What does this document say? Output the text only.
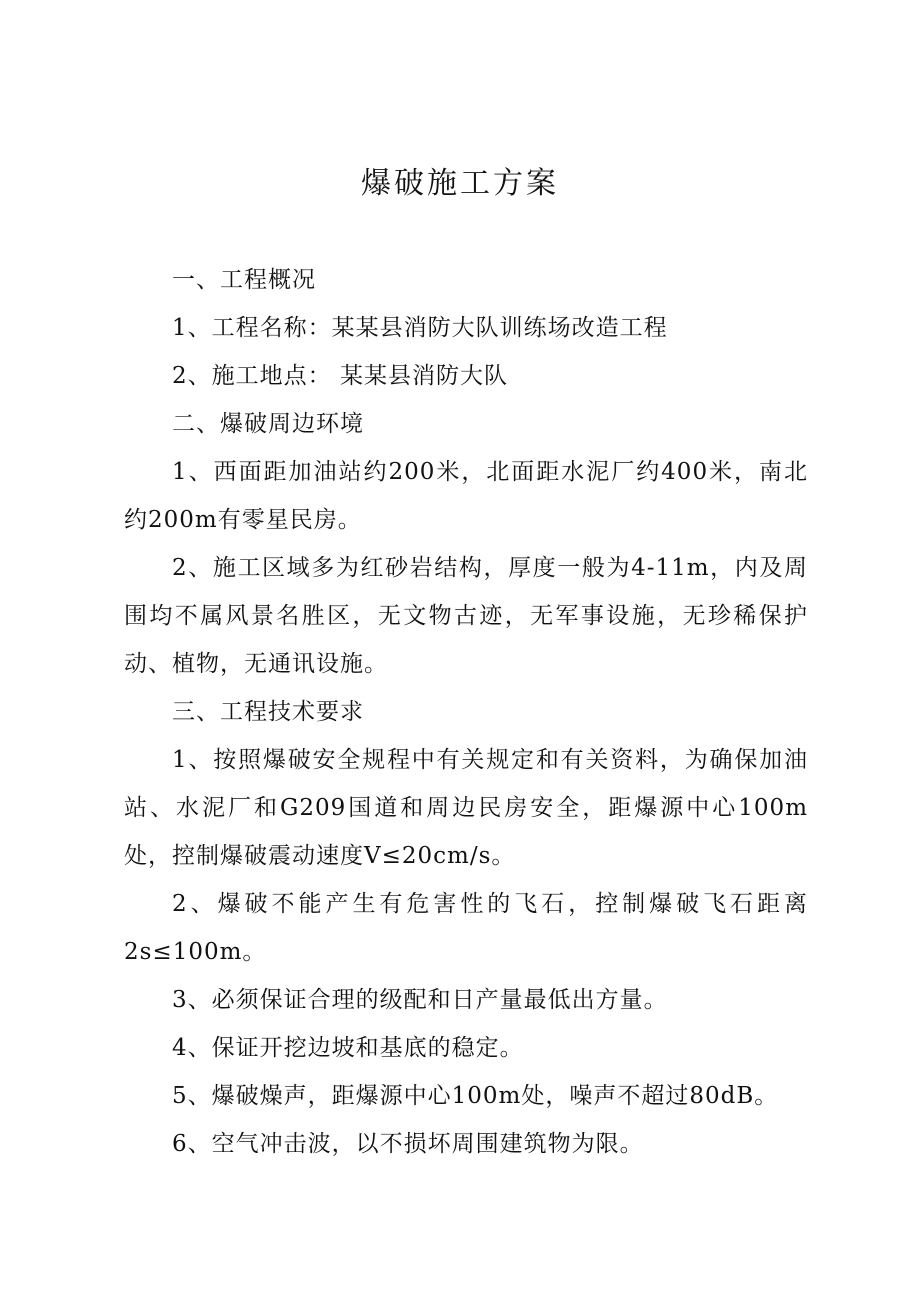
爆破施工方案

一、工程概况

1、工程名称：某某县消防大队训练场改造工程

2、施工地点： 某某县消防大队

二、爆破周边环境

1、西面距加油站约200米，北面距水泥厂约400米，南北约200m有零星民房。

2、施工区域多为红砂岩结构，厚度一般为4-11m，内及周围均不属风景名胜区，无文物古迹，无军事设施，无珍稀保护动、植物，无通讯设施。

三、工程技术要求

1、按照爆破安全规程中有关规定和有关资料，为确保加油站、水泥厂和G209国道和周边民房安全，距爆源中心100m处，控制爆破震动速度V≤20cm/s。

2、爆破不能产生有危害性的飞石，控制爆破飞石距离2s≤100m。

3、必须保证合理的级配和日产量最低出方量。

4、保证开挖边坡和基底的稳定。

5、爆破燥声，距爆源中心100m处，噪声不超过80dB。

6、空气冲击波，以不损坏周围建筑物为限。
